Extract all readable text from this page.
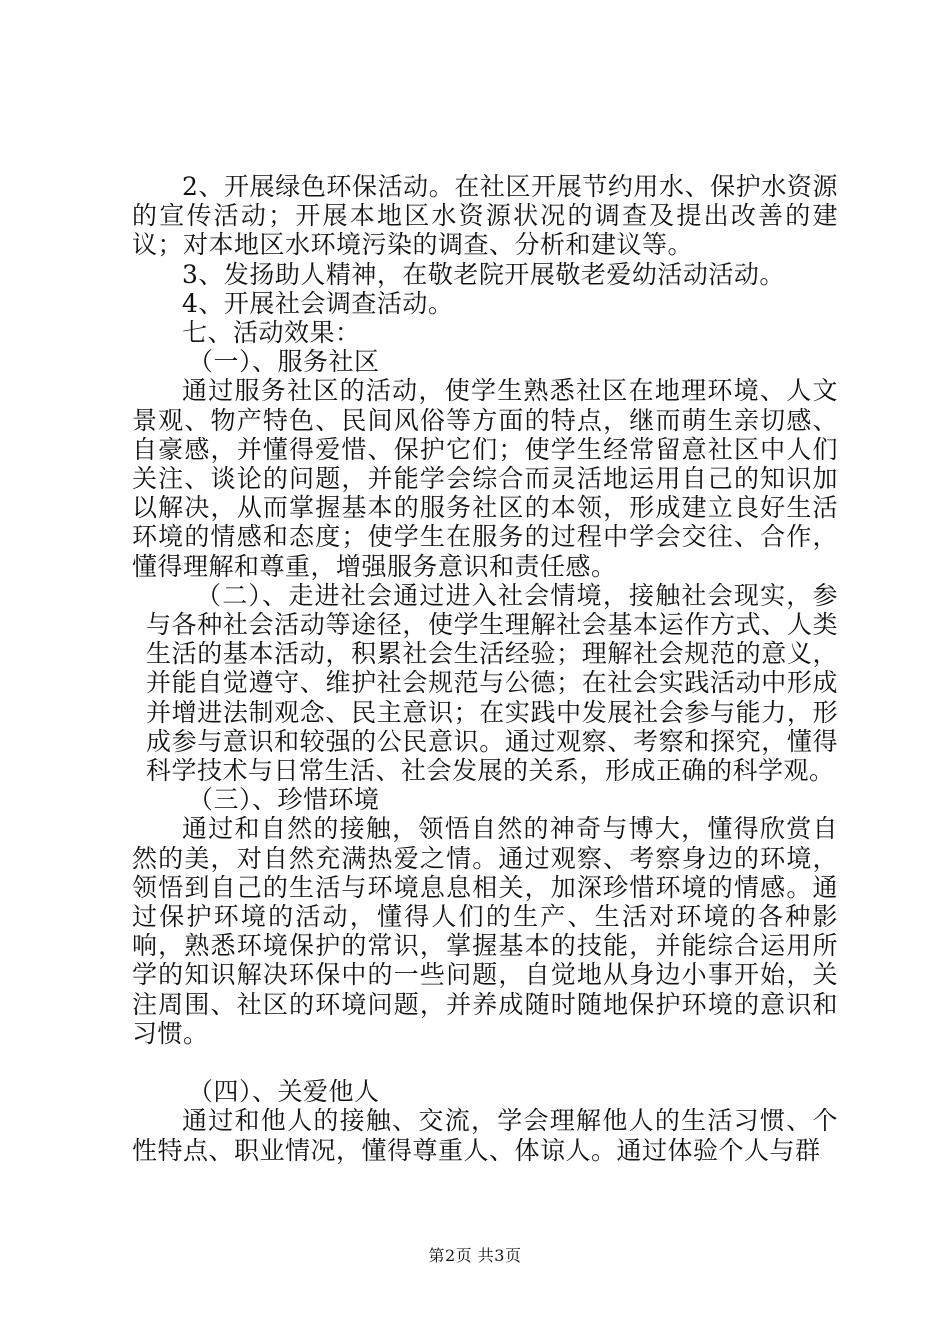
2、开展绿色环保活动。在社区开展节约用水、保护水资源的宣传活动；开展本地区水资源状况的调查及提出改善的建议；对本地区水环境污染的调查、分析和建议等。

3、发扬助人精神，在敬老院开展敬老爱幼活动活动。

4、开展社会调查活动。

七、活动效果：

（一）、服务社区

通过服务社区的活动，使学生熟悉社区在地理环境、人文景观、物产特色、民间风俗等方面的特点，继而萌生亲切感、自豪感，并懂得爱惜、保护它们；使学生经常留意社区中人们关注、谈论的问题，并能学会综合而灵活地运用自己的知识加以解决，从而掌握基本的服务社区的本领，形成建立良好生活环境的情感和态度；使学生在服务的过程中学会交往、合作，懂得理解和尊重，增强服务意识和责任感。

（二）、走进社会通过进入社会情境，接触社会现实，参与各种社会活动等途径，使学生理解社会基本运作方式、人类生活的基本活动，积累社会生活经验；理解社会规范的意义，并能自觉遵守、维护社会规范与公德；在社会实践活动中形成并增进法制观念、民主意识；在实践中发展社会参与能力，形成参与意识和较强的公民意识。通过观察、考察和探究，懂得科学技术与日常生活、社会发展的关系，形成正确的科学观。

（三）、珍惜环境

通过和自然的接触，领悟自然的神奇与博大，懂得欣赏自然的美，对自然充满热爱之情。通过观察、考察身边的环境，领悟到自己的生活与环境息息相关，加深珍惜环境的情感。通过保护环境的活动，懂得人们的生产、生活对环境的各种影响，熟悉环境保护的常识，掌握基本的技能，并能综合运用所学的知识解决环保中的一些问题，自觉地从身边小事开始，关注周围、社区的环境问题，并养成随时随地保护环境的意识和习惯。

（四）、关爱他人

通过和他人的接触、交流，学会理解他人的生活习惯、个性特点、职业情况，懂得尊重人、体谅人。通过体验个人与群

第2页 共3页
